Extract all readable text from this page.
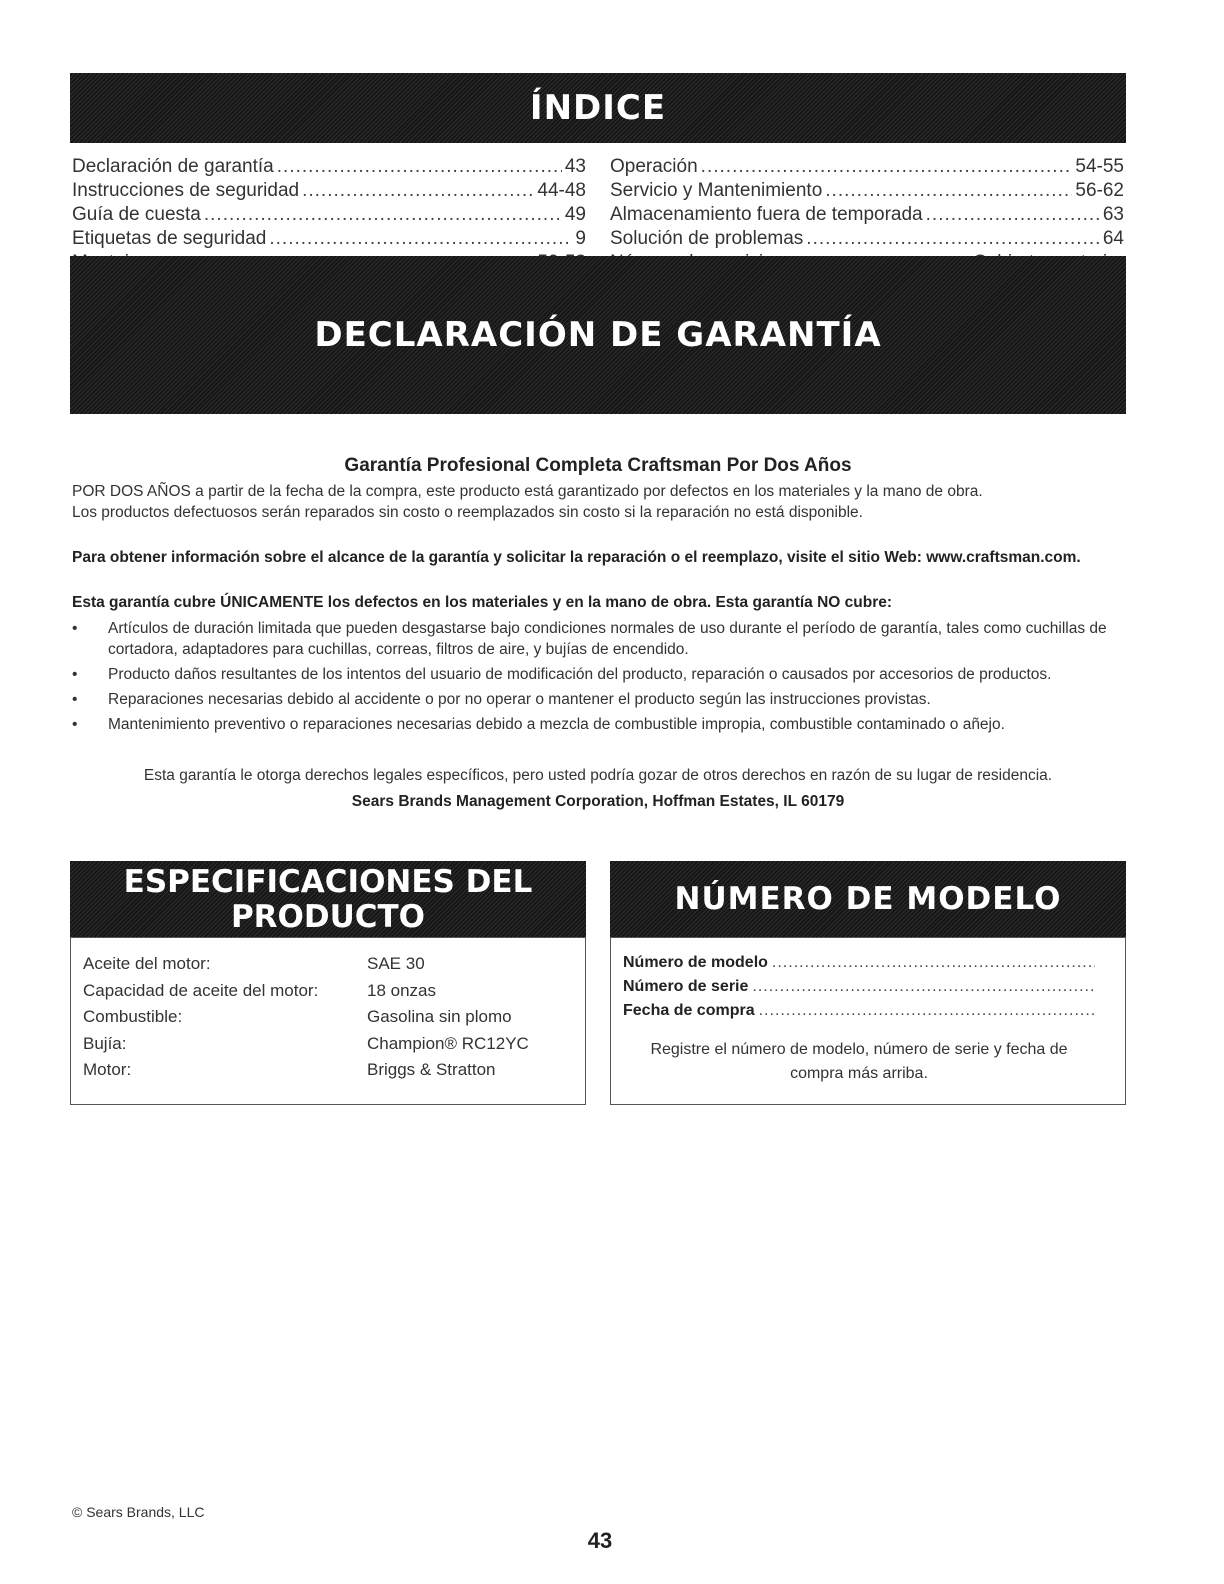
ÍNDICE
Declaración de garantía .....	43
Instrucciones de seguridad .....	44-48
Guía de cuesta .....	49
Etiquetas de seguridad .....	9
.....
Operación .....	54-55
Servicio y Mantenimiento .....	56-62
Almacenamiento fuera de temporada .....	63
Solución de problemas .....	64
.....
DECLARACIÓN DE GARANTÍA
Garantía Profesional Completa Craftsman Por Dos Años
POR DOS AÑOS a partir de la fecha de la compra, este producto está garantizado por defectos en los materiales y la mano de obra.
Los productos defectuosos serán reparados sin costo o reemplazados sin costo si la reparación no está disponible.
Para obtener información sobre el alcance de la garantía y solicitar la reparación o el reemplazo, visite el sitio Web: www.craftsman.com.
Esta garantía cubre ÚNICAMENTE los defectos en los materiales y en la mano de obra. Esta garantía NO cubre:
• Artículos de duración limitada que pueden desgastarse bajo condiciones normales de uso durante el período de garantía, tales como cuchillas de cortadora, adaptadores para cuchillas, correas, filtros de aire, y bujías de encendido.
• Producto daños resultantes de los intentos del usuario de modificación del producto, reparación o causados por accesorios de productos.
• Reparaciones necesarias debido al accidente o por no operar o mantener el producto según las instrucciones provistas.
• Mantenimiento preventivo o reparaciones necesarias debido a mezcla de combustible impropia, combustible contaminado o añejo.
Esta garantía le otorga derechos legales específicos, pero usted podría gozar de otros derechos en razón de su lugar de residencia.
Sears Brands Management Corporation, Hoffman Estates, IL 60179
ESPECIFICACIONES DEL
PRODUCTO
Aceite del motor:	SAE 30
Capacidad de aceite del motor:	18 onzas
Combustible:	Gasolina sin plomo
Bujía:	Champion® RC12YC
Motor:	Briggs & Stratton
NÚMERO DE MODELO
Número de modelo
.....
Número de serie
.....
Fecha de compra
.....
Registre el número de modelo, número de serie y fecha de compra más arriba.
© Sears Brands, LLC
43
